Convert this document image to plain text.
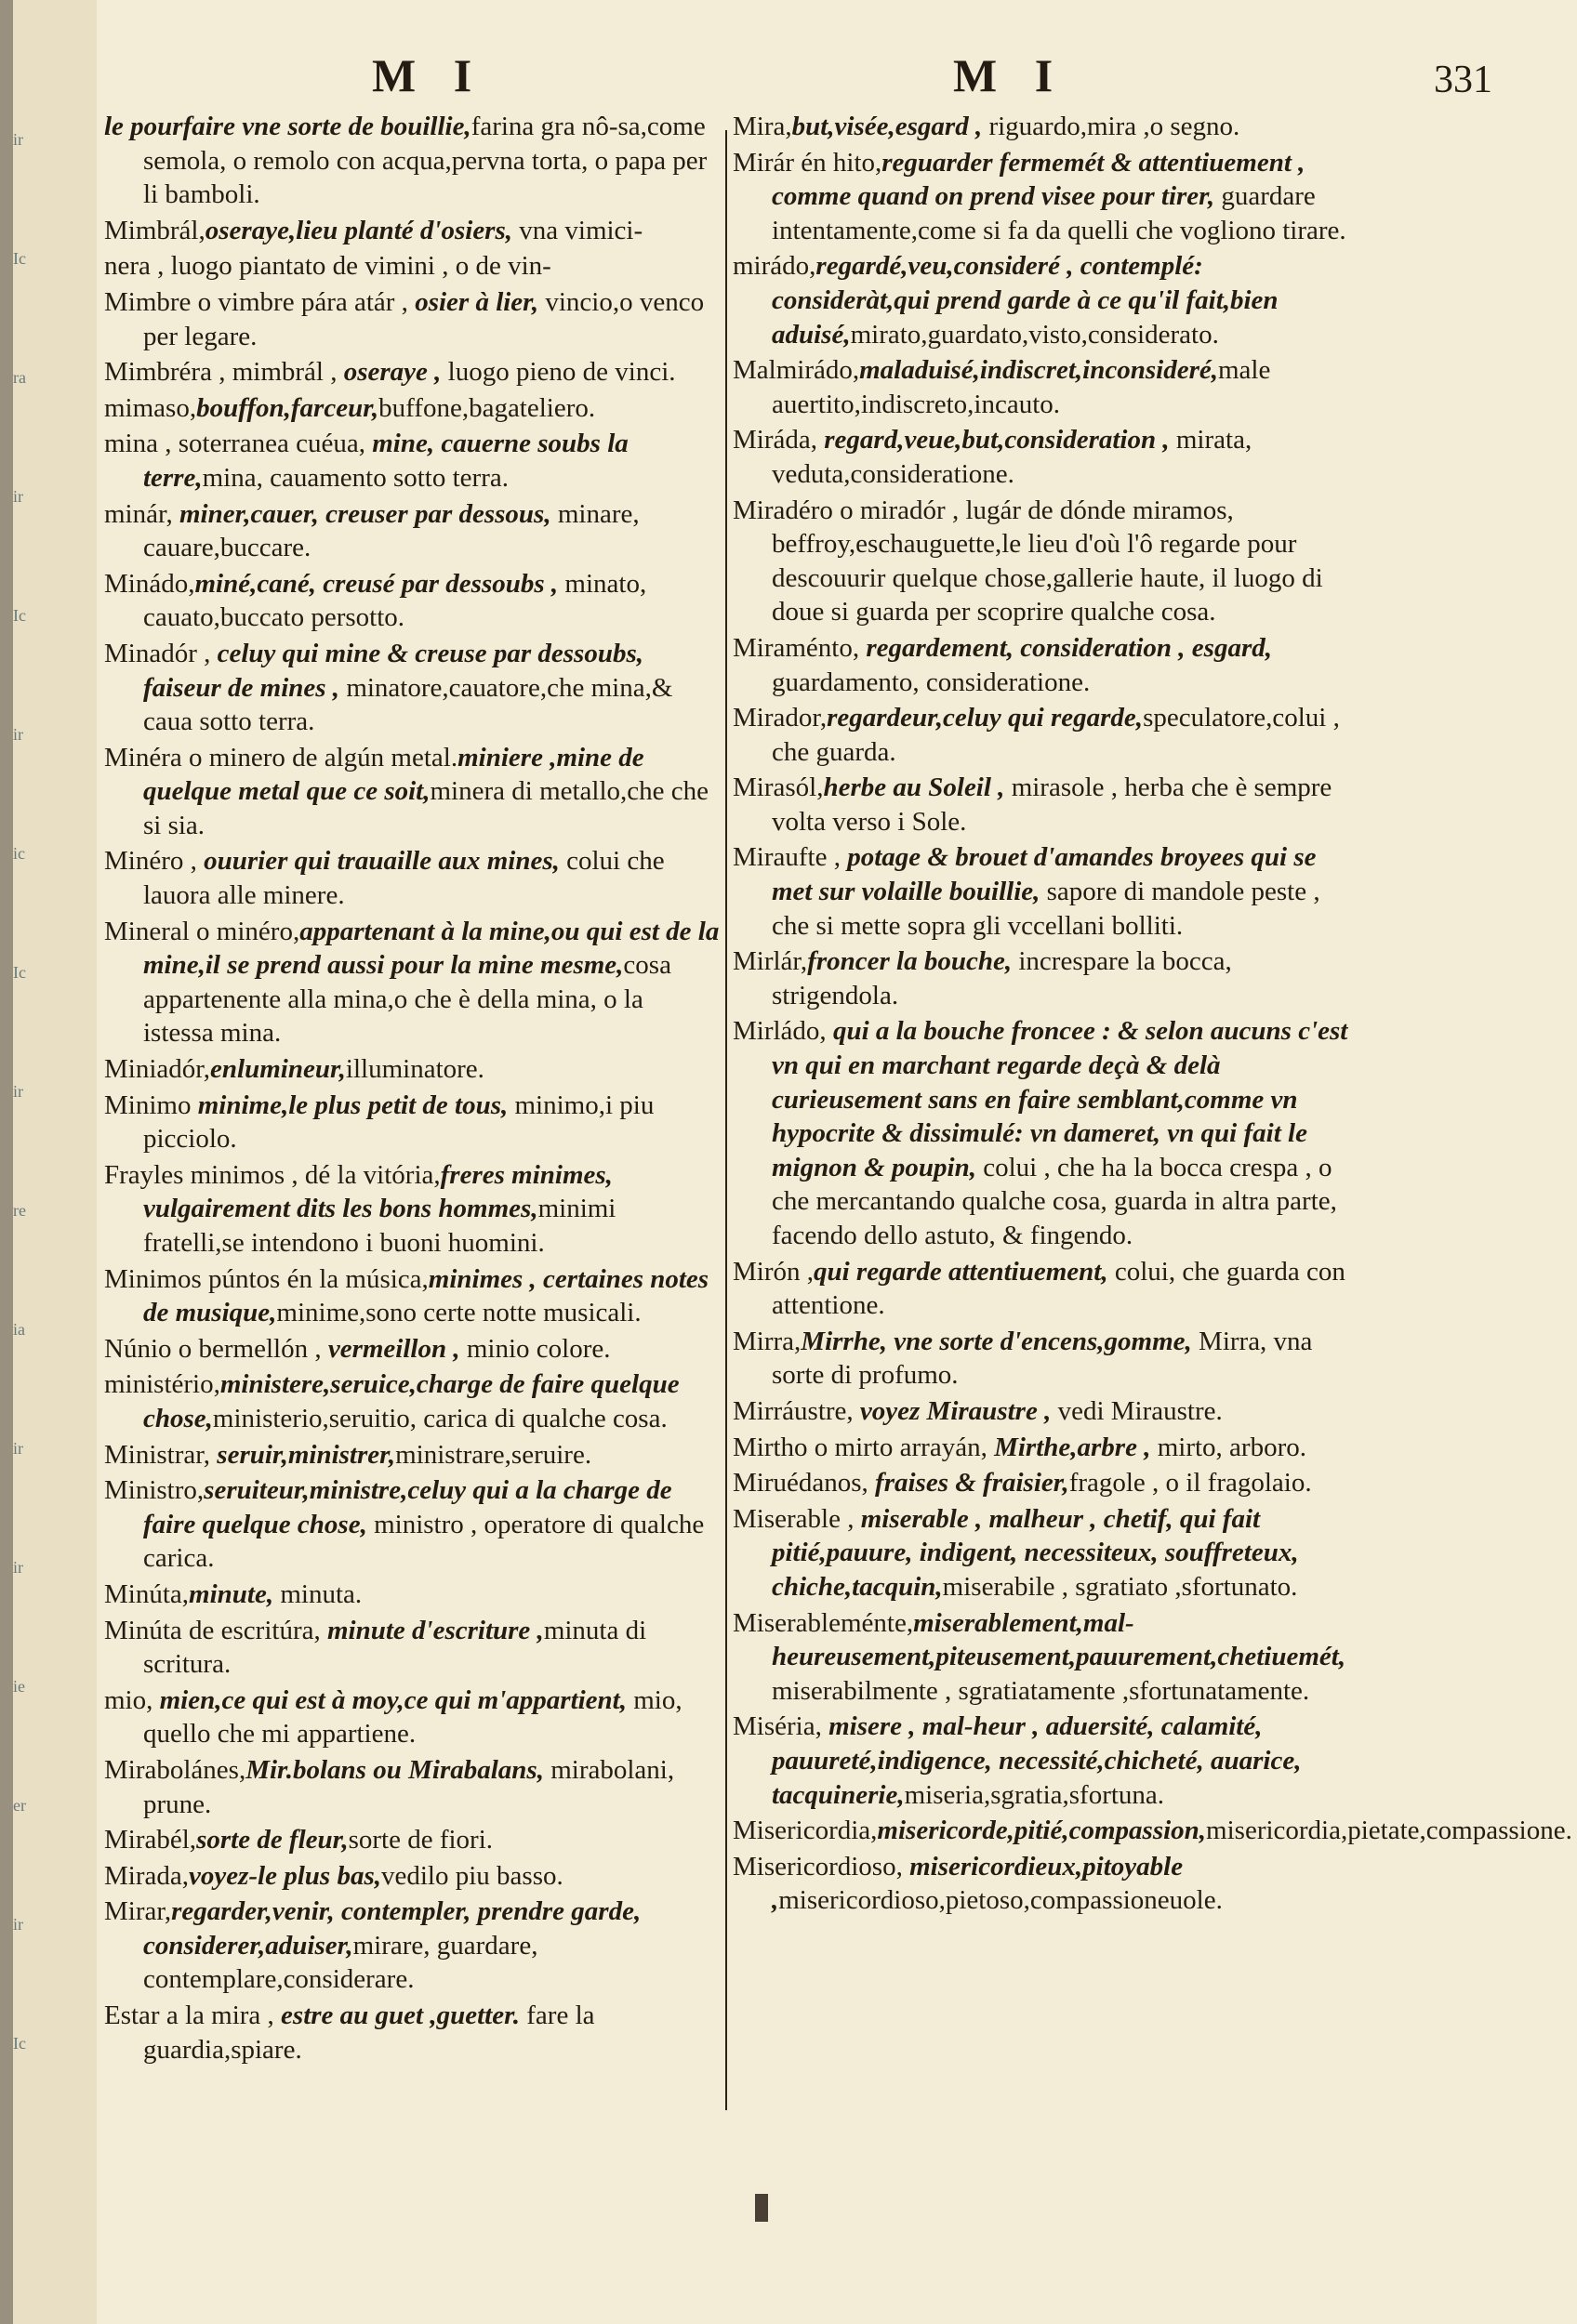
ir
Ic
ra
ir
Ic
ir
ic
Ic
ir
re
ia
ir
ir
ie
er
ir
Ic
M I	M I	331

le pourfaire vne sorte de bouillie,farina gra nô-sa,come semola, o remolo con acqua,pervna torta, o papa per li bamboli.

Mimbrál,oseraye,lieu planté d'osiers, vna vimici-

nera , luogo piantato de vimini , o de vin-

Mimbre o vimbre pára atár , osier à lier, vincio,o venco per legare.

Mimbréra , mimbrál , oseraye , luogo pieno de vinci.

mimaso,bouffon,farceur,buffone,bagateliero.

mina , soterranea cuéua, mine, cauerne soubs la terre,mina, cauamento sotto terra.

minár, miner,cauer, creuser par dessous, minare, cauare,buccare.

Minádo,miné,cané, creusé par dessoubs , minato, cauato,buccato persotto.

Minadór , celuy qui mine & creuse par dessoubs, faiseur de mines , minatore,cauatore,che mina,& caua sotto terra.

Minéra o minero de algún metal.miniere ,mine de quelque metal que ce soit,minera di metallo,che che si sia.

Minéro , ouurier qui trauaille aux mines, colui che lauora alle minere.

Mineral o minéro,appartenant à la mine,ou qui est de la mine,il se prend aussi pour la mine mesme,cosa appartenente alla mina,o che è della mina, o la istessa mina.

Miniadór,enlumineur,illuminatore.

Minimo minime,le plus petit de tous, minimo,i piu picciolo.

Frayles minimos , dé la vitória,freres minimes, vulgairement dits les bons hommes,minimi fratelli,se intendono i buoni huomini.

Minimos púntos én la música,minimes , certaines notes de musique,minime,sono certe notte musicali.

Núnio o bermellón , vermeillon , minio colore.

ministério,ministere,seruice,charge de faire quelque chose,ministerio,seruitio, carica di qualche cosa.

Ministrar, seruir,ministrer,ministrare,seruire.

Ministro,seruiteur,ministre,celuy qui a la charge de faire quelque chose, ministro , operatore di qualche carica.

Minúta,minute, minuta.

Minúta de escritúra, minute d'escriture ,minuta di scritura.

mio, mien,ce qui est à moy,ce qui m'appartient, mio, quello che mi appartiene.

Mirabolánes,Mir.bolans ou Mirabalans, mirabolani, prune.

Mirabél,sorte de fleur,sorte de fiori.

Mirada,voyez-le plus bas,vedilo piu basso.

Mirar,regarder,venir, contempler, prendre garde, considerer,aduiser,mirare, guardare, contemplare,considerare.

Estar a la mira , estre au guet ,guetter. fare la guardia,spiare.

Mira,but,visée,esgard , riguardo,mira ,o segno.

Mirár én hito,reguarder fermemét & attentiuement , comme quand on prend visee pour tirer, guardare intentamente,come si fa da quelli che vogliono tirare.

mirádo,regardé,veu,consideré , contemplé: consideràt,qui prend garde à ce qu'il fait,bien aduisé,mirato,guardato,visto,considerato.

Malmirádo,maladuisé,indiscret,inconsideré,male auertito,indiscreto,incauto.

Miráda, regard,veue,but,consideration , mirata, veduta,consideratione.

Miradéro o miradór , lugár de dónde miramos, beffroy,eschauguette,le lieu d'où l'ô regarde pour descouurir quelque chose,gallerie haute, il luogo di doue si guarda per scoprire qualche cosa.

Miraménto, regardement, consideration , esgard, guardamento, consideratione.

Mirador,regardeur,celuy qui regarde,speculatore,colui , che guarda.

Mirasól,herbe au Soleil , mirasole , herba che è sempre volta verso i Sole.

Miraufte , potage & brouet d'amandes broyees qui se met sur volaille bouillie, sapore di mandole peste , che si mette sopra gli vccellani bolliti.

Mirlár,froncer la bouche, increspare la bocca, strigendola.

Mirládo, qui a la bouche froncee : & selon aucuns c'est vn qui en marchant regarde deçà & delà curieusement sans en faire semblant,comme vn hypocrite & dissimulé: vn dameret, vn qui fait le mignon & poupin, colui , che ha la bocca crespa , o che mercantando qualche cosa, guarda in altra parte, facendo dello astuto, & fingendo.

Mirón ,qui regarde attentiuement, colui, che guarda con attentione.

Mirra,Mirrhe, vne sorte d'encens,gomme, Mirra, vna sorte di profumo.

Mirráustre, voyez Miraustre , vedi Miraustre.

Mirtho o mirto arrayán, Mirthe,arbre , mirto, arboro.

Miruédanos, fraises & fraisier,fragole , o il fragolaio.

Miserable , miserable , malheur , chetif, qui fait pitié,pauure, indigent, necessiteux, souffreteux, chiche,tacquin,miserabile , sgratiato ,sfortunato.

Miserableménte,miserablement,mal- heureusement,piteusement,pauurement,chetiuemét, miserabilmente , sgratiatamente ,sfortunatamente.

Miséria, misere , mal-heur , aduersité, calamité, pauureté,indigence, necessité,chicheté, auarice, tacquinerie,miseria,sgratia,sfortuna.

Misericordia,misericorde,pitié,compassion,misericordia,pietate,compassione.

Misericordioso, misericordieux,pitoyable ,misericordioso,pietoso,compassioneuole.
